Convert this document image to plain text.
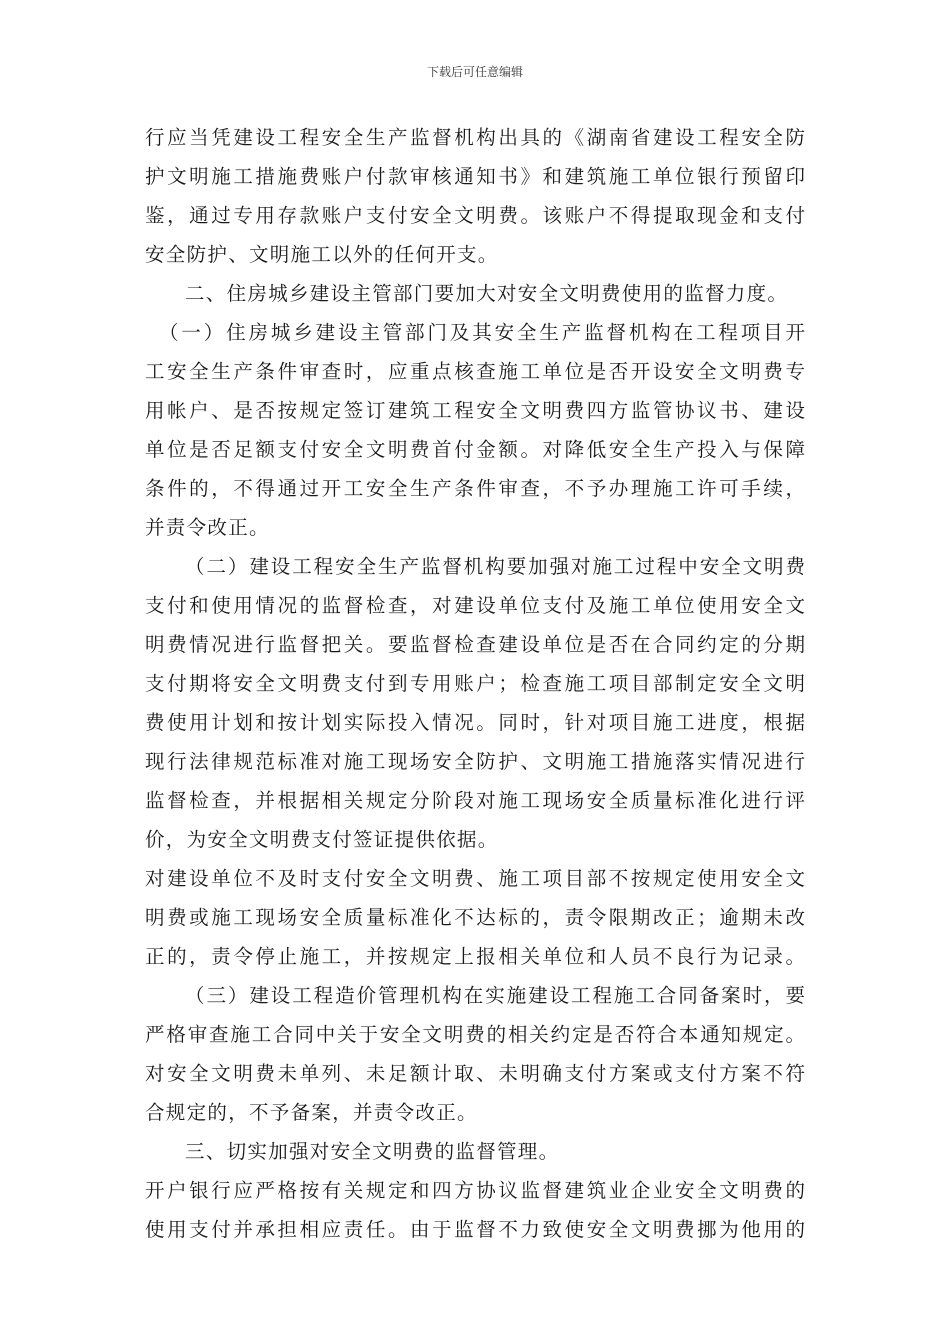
下载后可任意编辑
行应当凭建设工程安全生产监督机构出具的《湖南省建设工程安全防
护文明施工措施费账户付款审核通知书》和建筑施工单位银行预留印
鉴，通过专用存款账户支付安全文明费。该账户不得提取现金和支付
安全防护、文明施工以外的任何开支。
二、住房城乡建设主管部门要加大对安全文明费使用的监督力度。
（一）住房城乡建设主管部门及其安全生产监督机构在工程项目开
工安全生产条件审查时，应重点核查施工单位是否开设安全文明费专
用帐户、是否按规定签订建筑工程安全文明费四方监管协议书、建设
单位是否足额支付安全文明费首付金额。对降低安全生产投入与保障
条件的，不得通过开工安全生产条件审查，不予办理施工许可手续，
并责令改正。
（二）建设工程安全生产监督机构要加强对施工过程中安全文明费
支付和使用情况的监督检查，对建设单位支付及施工单位使用安全文
明费情况进行监督把关。要监督检查建设单位是否在合同约定的分期
支付期将安全文明费支付到专用账户；检查施工项目部制定安全文明
费使用计划和按计划实际投入情况。同时，针对项目施工进度，根据
现行法律规范标准对施工现场安全防护、文明施工措施落实情况进行
监督检查，并根据相关规定分阶段对施工现场安全质量标准化进行评
价，为安全文明费支付签证提供依据。
对建设单位不及时支付安全文明费、施工项目部不按规定使用安全文
明费或施工现场安全质量标准化不达标的，责令限期改正；逾期未改
正的，责令停止施工，并按规定上报相关单位和人员不良行为记录。
（三）建设工程造价管理机构在实施建设工程施工合同备案时，要
严格审查施工合同中关于安全文明费的相关约定是否符合本通知规定。
对安全文明费未单列、未足额计取、未明确支付方案或支付方案不符
合规定的，不予备案，并责令改正。
三、切实加强对安全文明费的监督管理。
开户银行应严格按有关规定和四方协议监督建筑业企业安全文明费的
使用支付并承担相应责任。由于监督不力致使安全文明费挪为他用的
